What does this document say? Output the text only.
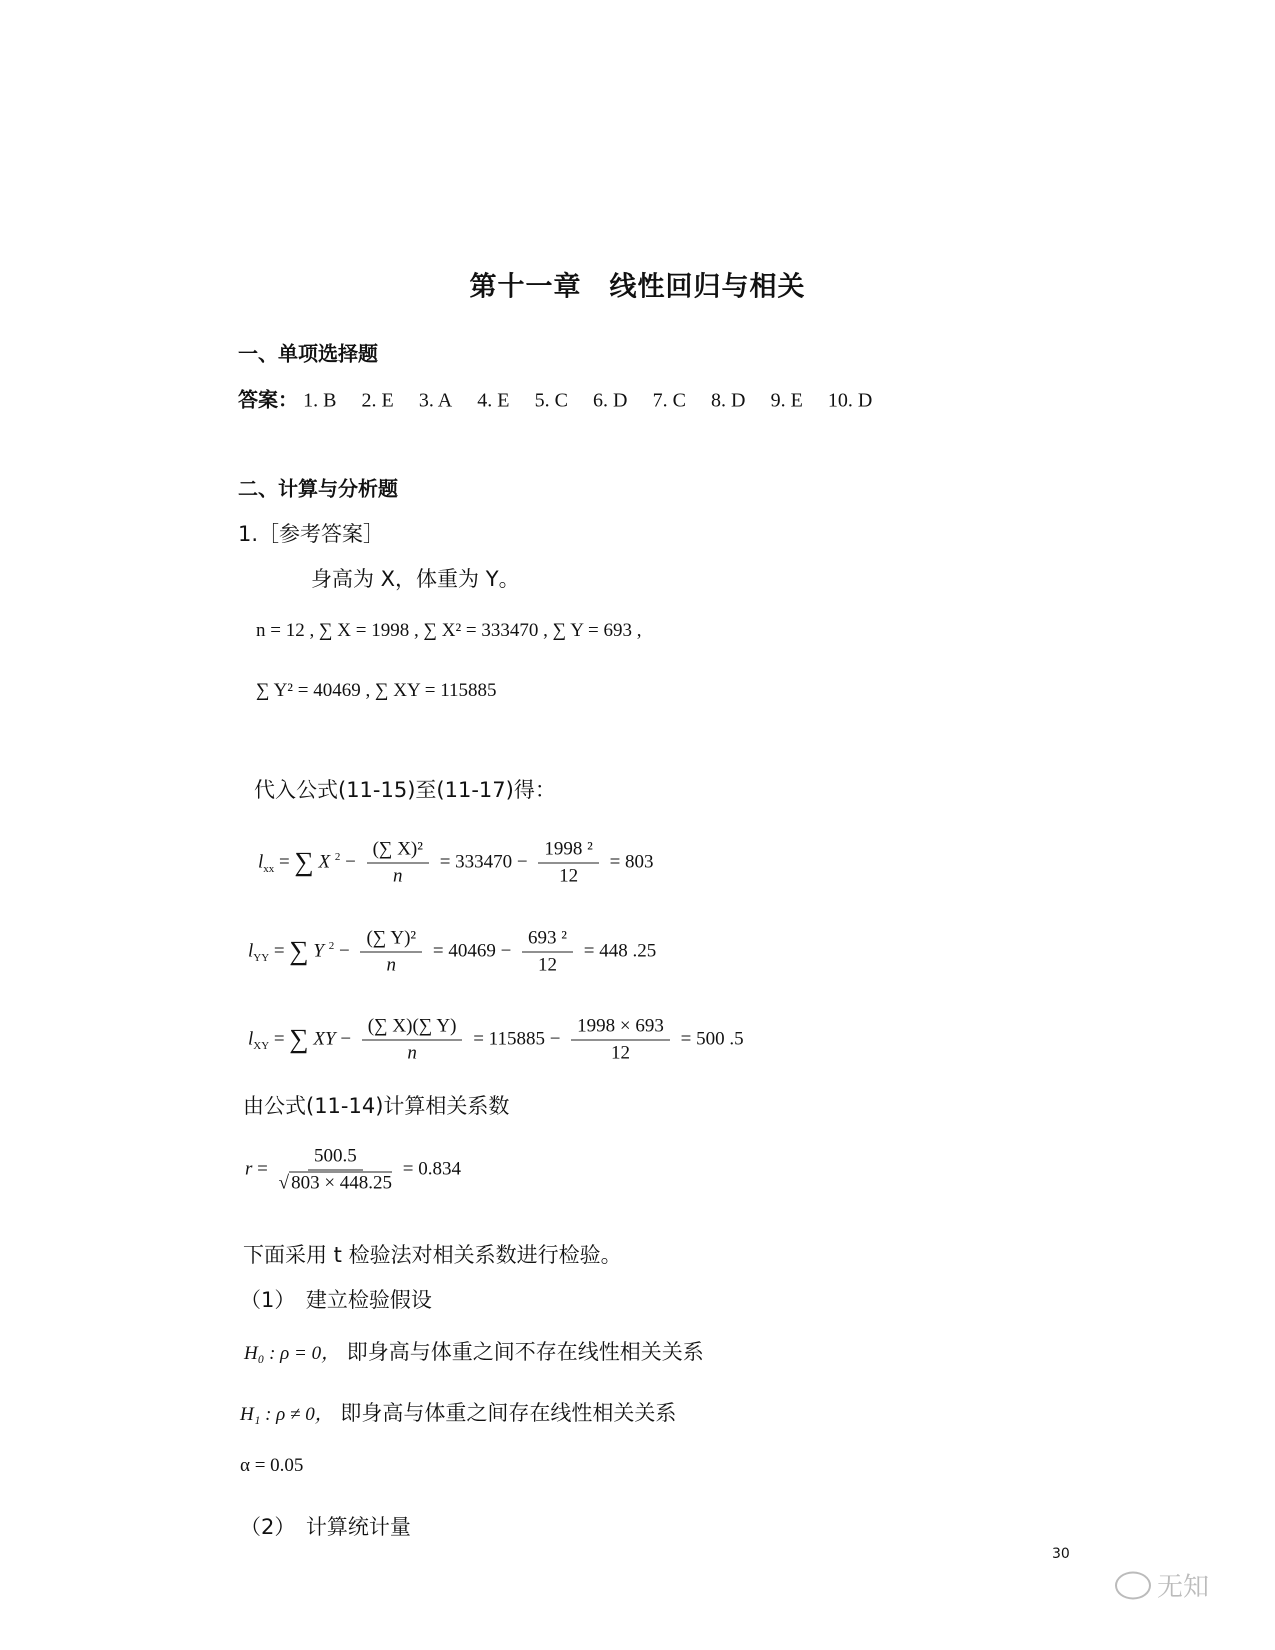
第十一章　线性回归与相关
一、单项选择题
答案： 1. B 2. E 3. A 4. E 5. C 6. D 7. C 8. D 9. E 10. D
二、计算与分析题
1.［参考答案］
身高为 X，体重为 Y。
n = 12 , ∑ X = 1998 , ∑ X² = 333470 , ∑ Y = 693 ,
∑ Y² = 40469 , ∑ XY = 115885
代入公式(11-15)至(11-17)得：
$l_{xx}$ = ∑ X $^2 - \frac{\text{(∑ X)²}}{n} = 333470 - \frac{\text{1998 ²}}{12} = 803$
$l_{YY}$ = ∑ Y $^2 - \frac{\text{(∑ Y)²}}{n} = 40469 - \frac{\text{693 ²}}{12} = 448$ .25
$l_{XY}$ = ∑ XY − $\frac{(\sum X)(\sum Y)}{n} = 115885 - \frac{1998 \times 693}{12} = 500$ .5
由公式(11-14)计算相关系数
$r = \frac{500.5}{√ 803 \times 448.25} = 0.834$
下面采用 t 检验法对相关系数进行检验。
（1）　建立检验假设
H₀ : ρ = 0， 即身高与体重之间不存在线性相关关系
H₁ : ρ ≠ 0， 即身高与体重之间存在线性相关关系
α = 0.05
（2）　计算统计量
30
无知
